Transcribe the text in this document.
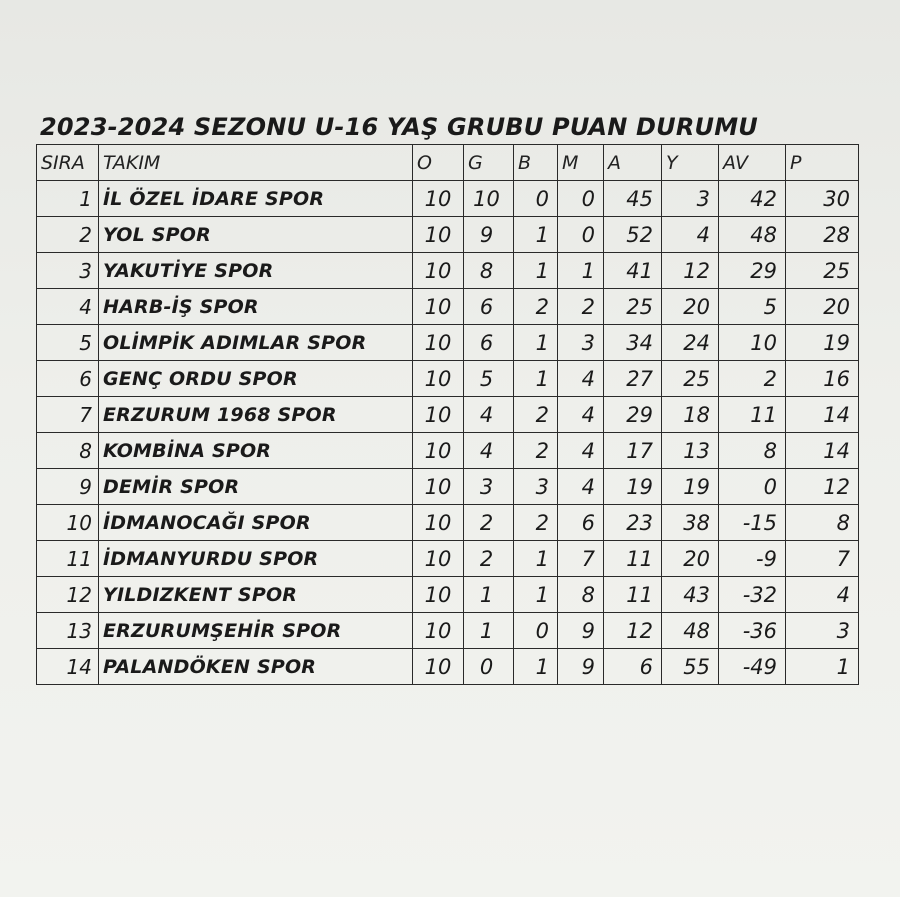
2023-2024 SEZONU U-16 YAŞ GRUBU PUAN DURUMU
SIRA	TAKIM	O	G	B	M	A	Y	AV	P
1	İL ÖZEL İDARE SPOR	10	10	0	0	45	3	42	30
2	YOL SPOR	10	9	1	0	52	4	48	28
3	YAKUTİYE SPOR	10	8	1	1	41	12	29	25
4	HARB-İŞ SPOR	10	6	2	2	25	20	5	20
5	OLİMPİK ADIMLAR SPOR	10	6	1	3	34	24	10	19
6	GENÇ ORDU SPOR	10	5	1	4	27	25	2	16
7	ERZURUM 1968 SPOR	10	4	2	4	29	18	11	14
8	KOMBİNA SPOR	10	4	2	4	17	13	8	14
9	DEMİR SPOR	10	3	3	4	19	19	0	12
10	İDMANOCAĞI SPOR	10	2	2	6	23	38	-15	8
11	İDMANYURDU SPOR	10	2	1	7	11	20	-9	7
12	YILDIZKENT SPOR	10	1	1	8	11	43	-32	4
13	ERZURUMŞEHİR SPOR	10	1	0	9	12	48	-36	3
14	PALANDÖKEN SPOR	10	0	1	9	6	55	-49	1
